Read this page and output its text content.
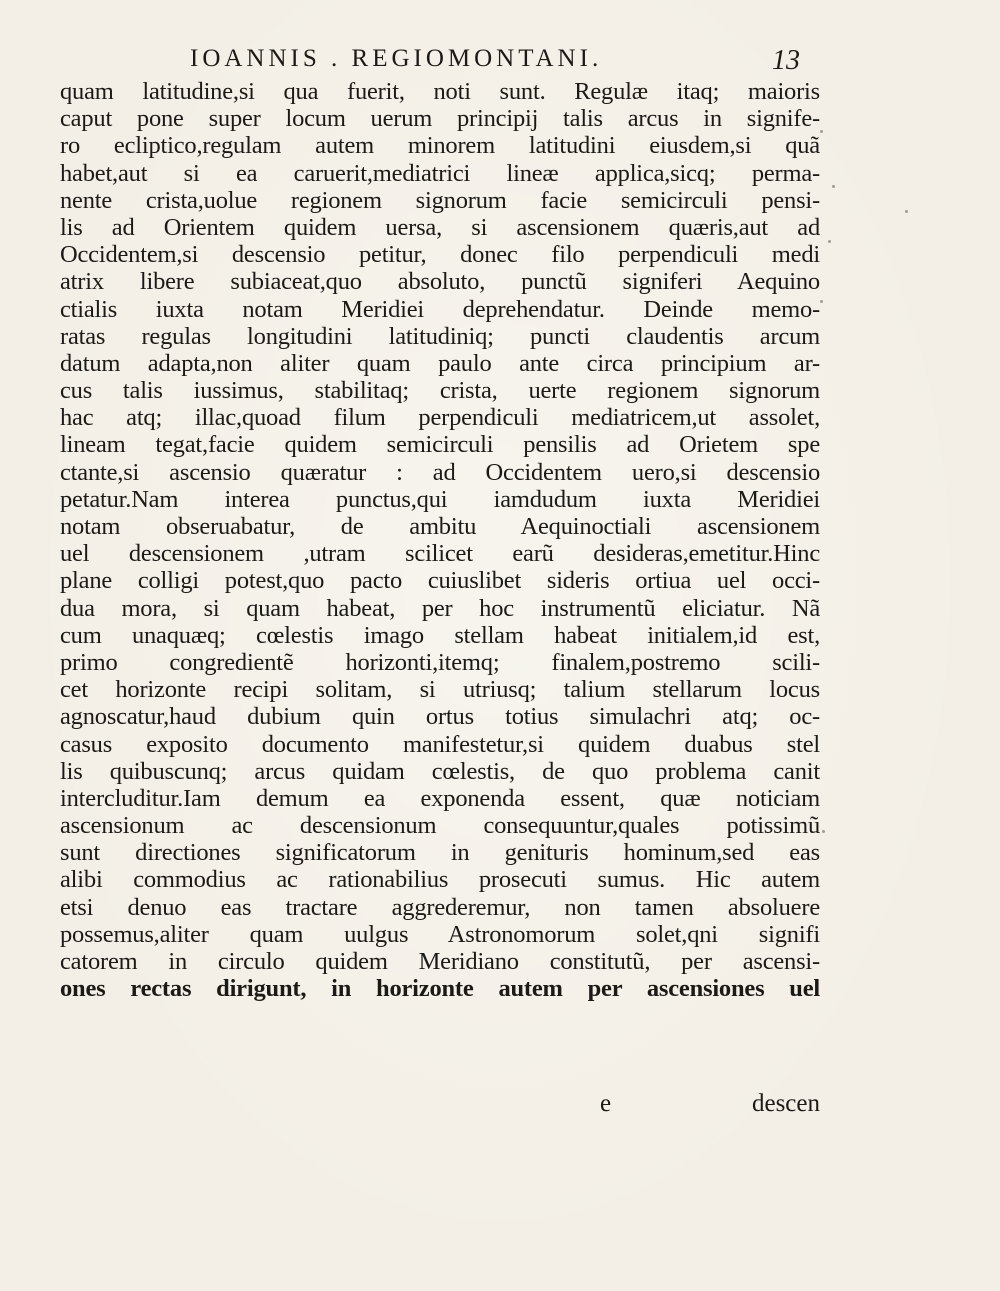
IOANNIS . REGIOMONTANI.	13
quam latitudine,si qua fuerit, noti sunt. Regulæ itaq; maioris
caput pone super locum uerum principij talis arcus in signife-
ro ecliptico,regulam autem minorem latitudini eiusdem,si quã
habet,aut si ea caruerit,mediatrici lineæ applica,sicq; perma-
nente crista,uolue regionem signorum facie semicirculi pensi-
lis ad Orientem quidem uersa, si ascensionem quæris,aut ad
Occidentem,si descensio petitur, donec filo perpendiculi medi
atrix libere subiaceat,quo absoluto, punctũ signiferi Aequino
ctialis iuxta notam Meridiei deprehendatur. Deinde memo-
ratas regulas longitudini latitudiniq; puncti claudentis arcum
datum adapta,non aliter quam paulo ante circa principium ar-
cus talis iussimus, stabilitaq; crista, uerte regionem signorum
hac atq; illac,quoad filum perpendiculi mediatricem,ut assolet,
lineam tegat,facie quidem semicirculi pensilis ad Orietem spe
ctante,si ascensio quæratur : ad Occidentem uero,si descensio
petatur.Nam interea punctus,qui iamdudum iuxta Meridiei
notam obseruabatur, de ambitu Aequinoctiali ascensionem
uel descensionem ,utram scilicet earũ desideras,emetitur.Hinc
plane colligi potest,quo pacto cuiuslibet sideris ortiua uel occi-
dua mora, si quam habeat, per hoc instrumentũ eliciatur. Nã
cum unaquæq; cœlestis imago stellam habeat initialem,id est,
primo congredientẽ horizonti,itemq; finalem,postremo scili-
cet horizonte recipi solitam, si utriusq; talium stellarum locus
agnoscatur,haud dubium quin ortus totius simulachri atq; oc-
casus exposito documento manifestetur,si quidem duabus stel
lis quibuscunq; arcus quidam cœlestis, de quo problema canit
intercluditur.Iam demum ea exponenda essent, quæ noticiam
ascensionum ac descensionum consequuntur,quales potissimũ
sunt directiones significatorum in genituris hominum,sed eas
alibi commodius ac rationabilius prosecuti sumus. Hic autem
etsi denuo eas tractare aggrederemur, non tamen absoluere
possemus,aliter quam uulgus Astronomorum solet,qni signifi
catorem in circulo quidem Meridiano constitutũ, per ascensi-
ones rectas dirigunt, in horizonte autem per ascensiones uel
e	descen
